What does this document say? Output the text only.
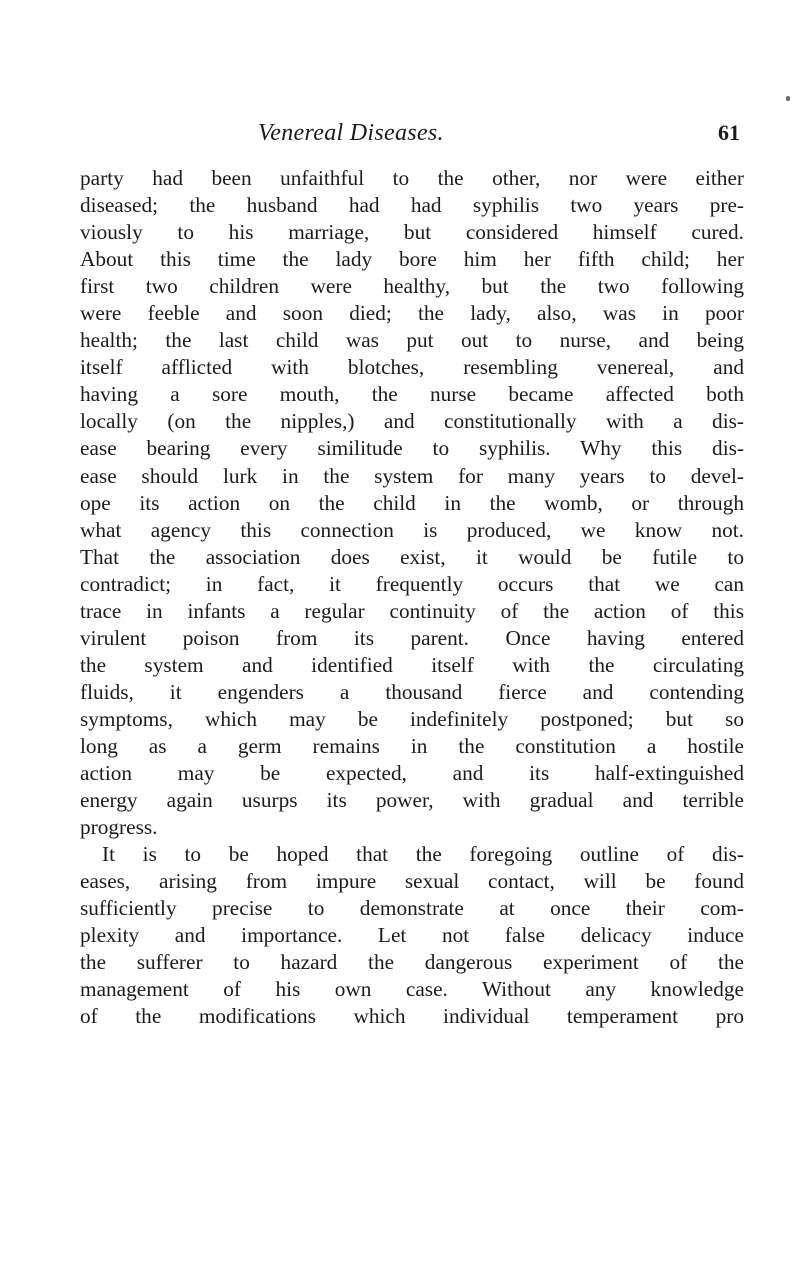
Venereal Diseases.	61
party had been unfaithful to the other, nor were either
diseased; the husband had had syphilis two years pre-
viously to his marriage, but considered himself cured.
About this time the lady bore him her fifth child; her
first two children were healthy, but the two following
were feeble and soon died; the lady, also, was in poor
health; the last child was put out to nurse, and being
itself afflicted with blotches, resembling venereal, and
having a sore mouth, the nurse became affected both
locally (on the nipples,) and constitutionally with a dis-
ease bearing every similitude to syphilis. Why this dis-
ease should lurk in the system for many years to devel-
ope its action on the child in the womb, or through
what agency this connection is produced, we know not.
That the association does exist, it would be futile to
contradict; in fact, it frequently occurs that we can
trace in infants a regular continuity of the action of this
virulent poison from its parent. Once having entered
the system and identified itself with the circulating
fluids, it engenders a thousand fierce and contending
symptoms, which may be indefinitely postponed; but so
long as a germ remains in the constitution a hostile
action may be expected, and its half-extinguished
energy again usurps its power, with gradual and terrible
progress.
It is to be hoped that the foregoing outline of dis-
eases, arising from impure sexual contact, will be found
sufficiently precise to demonstrate at once their com-
plexity and importance. Let not false delicacy induce
the sufferer to hazard the dangerous experiment of the
management of his own case. Without any knowledge
of the modifications which individual temperament pro
